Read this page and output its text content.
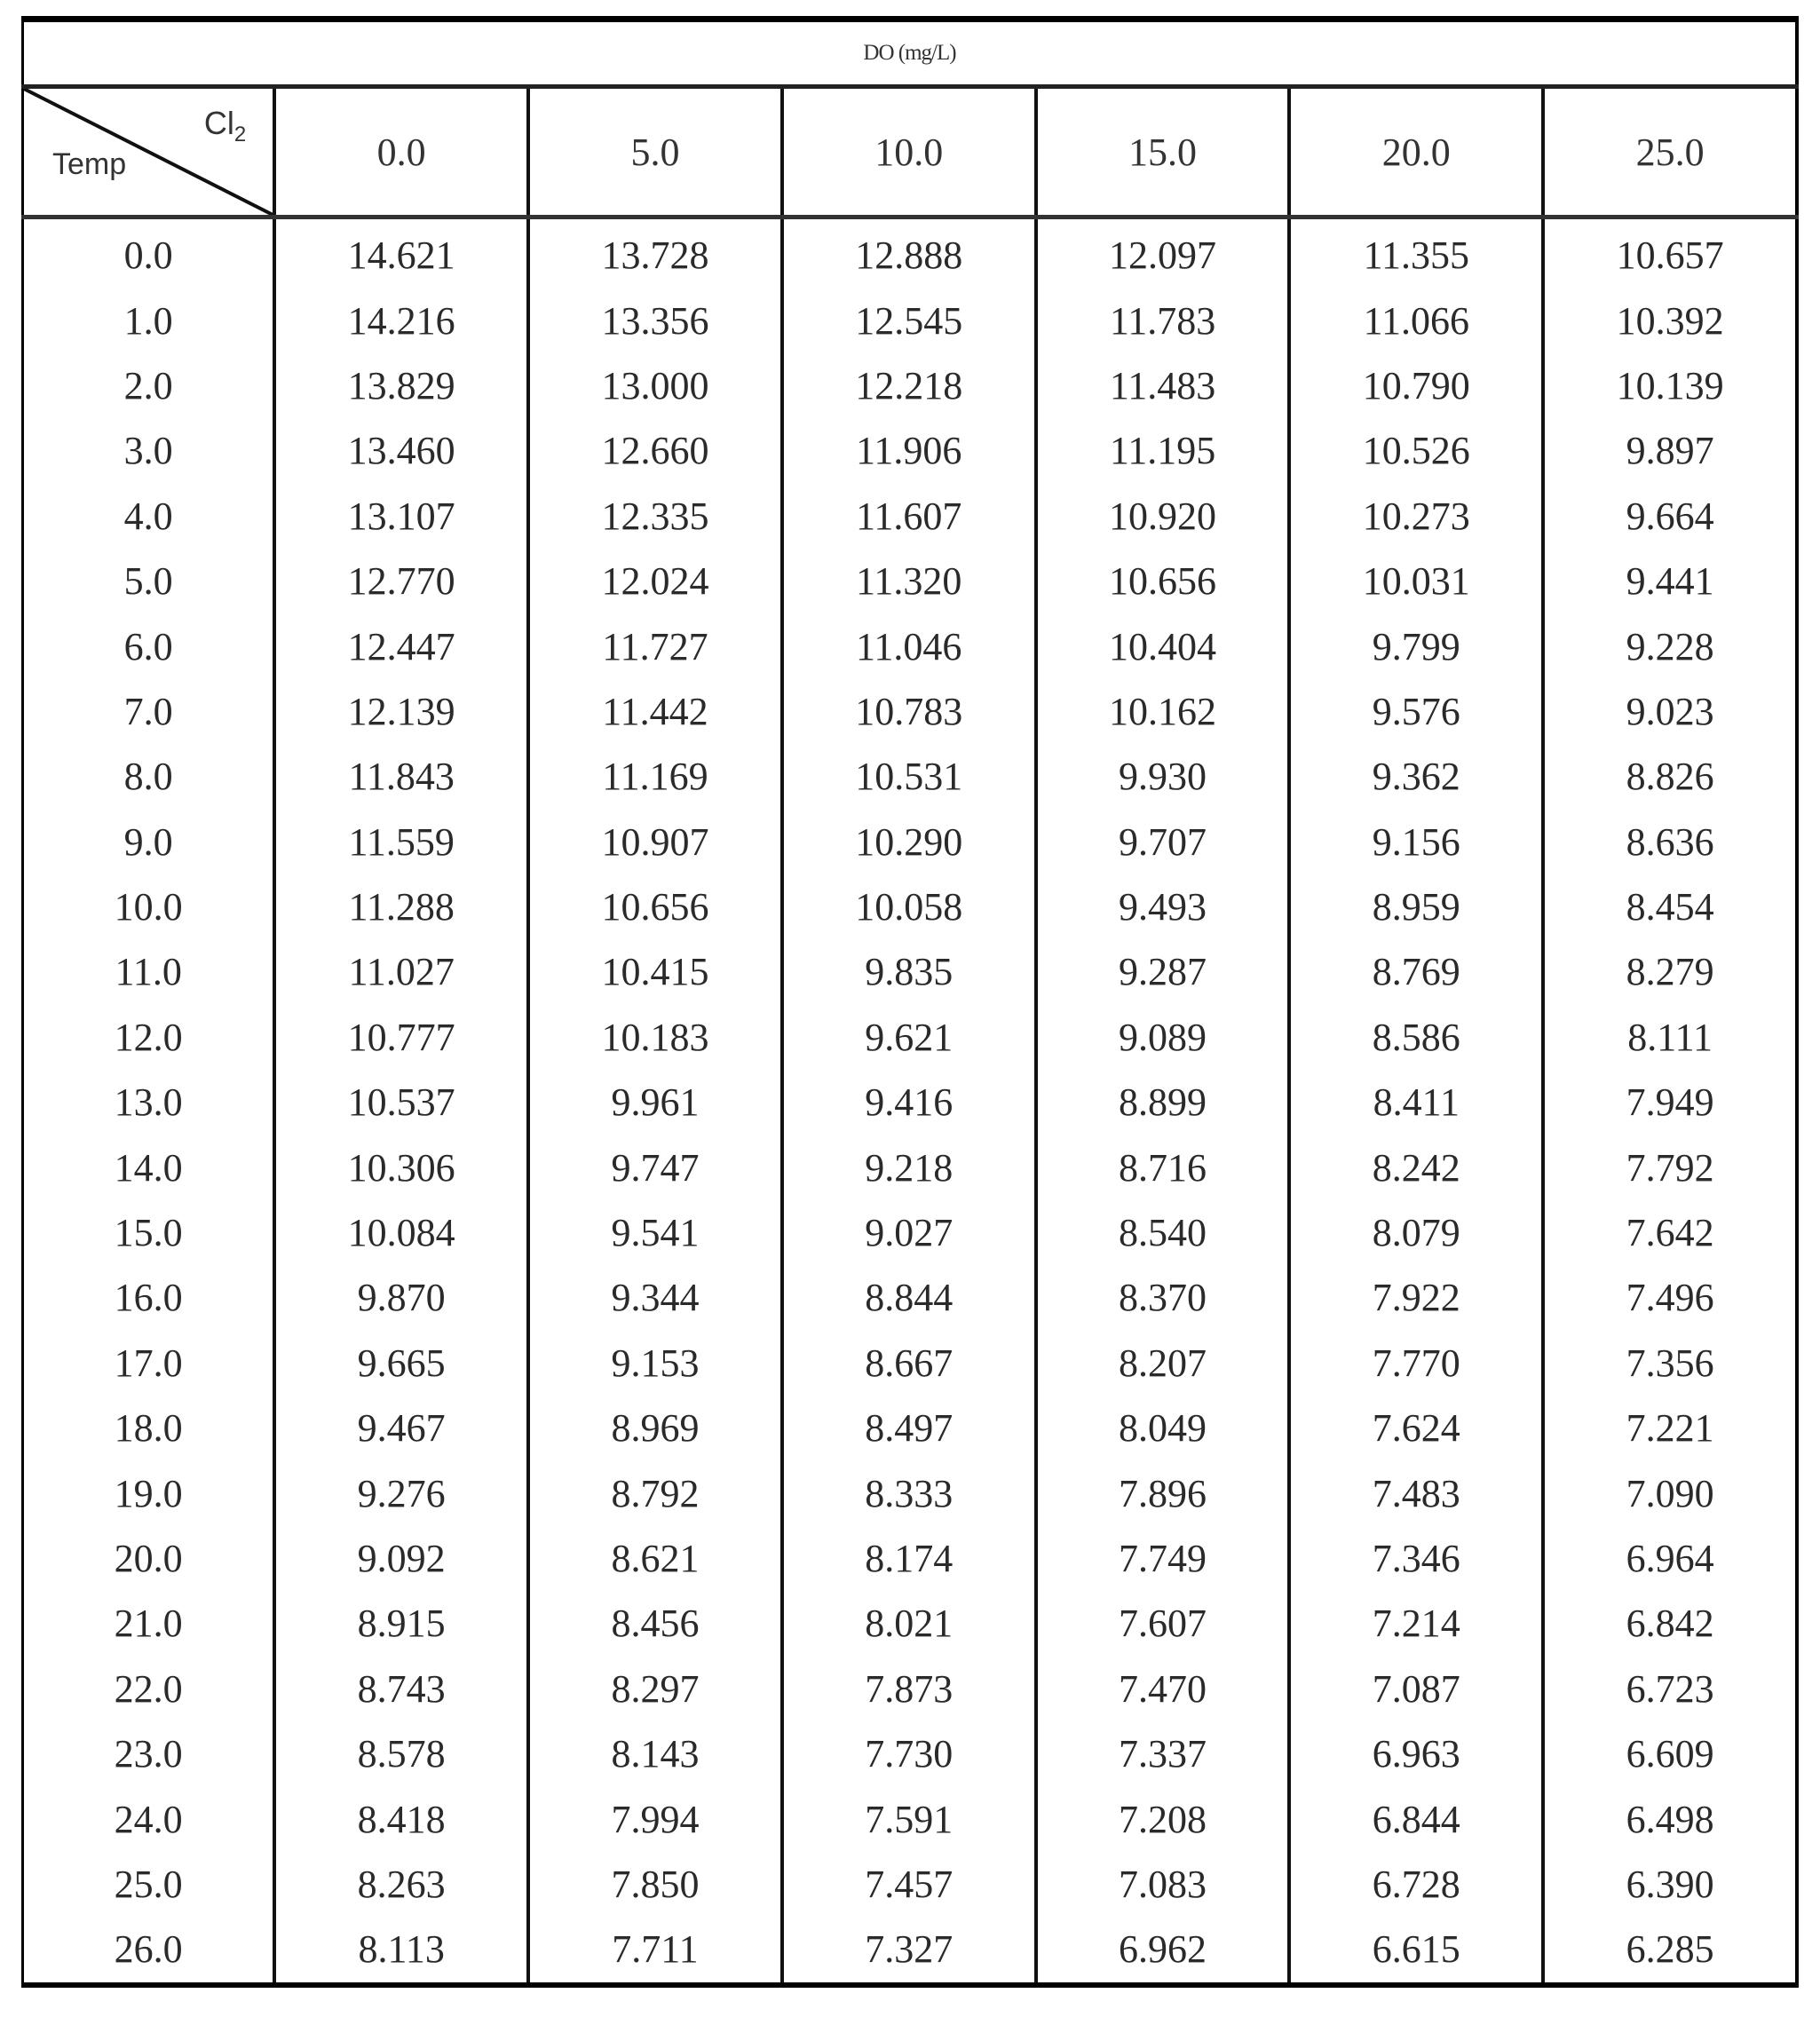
DO (mg/L)						

$Cl_2$
Temp	0.0	5.0	10.0	15.0	20.0	25.0
0.0	14.621	13.728	12.888	12.097	11.355	10.657
1.0	14.216	13.356	12.545	11.783	11.066	10.392
2.0	13.829	13.000	12.218	11.483	10.790	10.139
3.0	13.460	12.660	11.906	11.195	10.526	9.897
4.0	13.107	12.335	11.607	10.920	10.273	9.664
5.0	12.770	12.024	11.320	10.656	10.031	9.441
6.0	12.447	11.727	11.046	10.404	9.799	9.228
7.0	12.139	11.442	10.783	10.162	9.576	9.023
8.0	11.843	11.169	10.531	9.930	9.362	8.826
9.0	11.559	10.907	10.290	9.707	9.156	8.636
10.0	11.288	10.656	10.058	9.493	8.959	8.454
11.0	11.027	10.415	9.835	9.287	8.769	8.279
12.0	10.777	10.183	9.621	9.089	8.586	8.111
13.0	10.537	9.961	9.416	8.899	8.411	7.949
14.0	10.306	9.747	9.218	8.716	8.242	7.792
15.0	10.084	9.541	9.027	8.540	8.079	7.642
16.0	9.870	9.344	8.844	8.370	7.922	7.496
17.0	9.665	9.153	8.667	8.207	7.770	7.356
18.0	9.467	8.969	8.497	8.049	7.624	7.221
19.0	9.276	8.792	8.333	7.896	7.483	7.090
20.0	9.092	8.621	8.174	7.749	7.346	6.964
21.0	8.915	8.456	8.021	7.607	7.214	6.842
22.0	8.743	8.297	7.873	7.470	7.087	6.723
23.0	8.578	8.143	7.730	7.337	6.963	6.609
24.0	8.418	7.994	7.591	7.208	6.844	6.498
25.0	8.263	7.850	7.457	7.083	6.728	6.390
26.0	8.113	7.711	7.327	6.962	6.615	6.285
